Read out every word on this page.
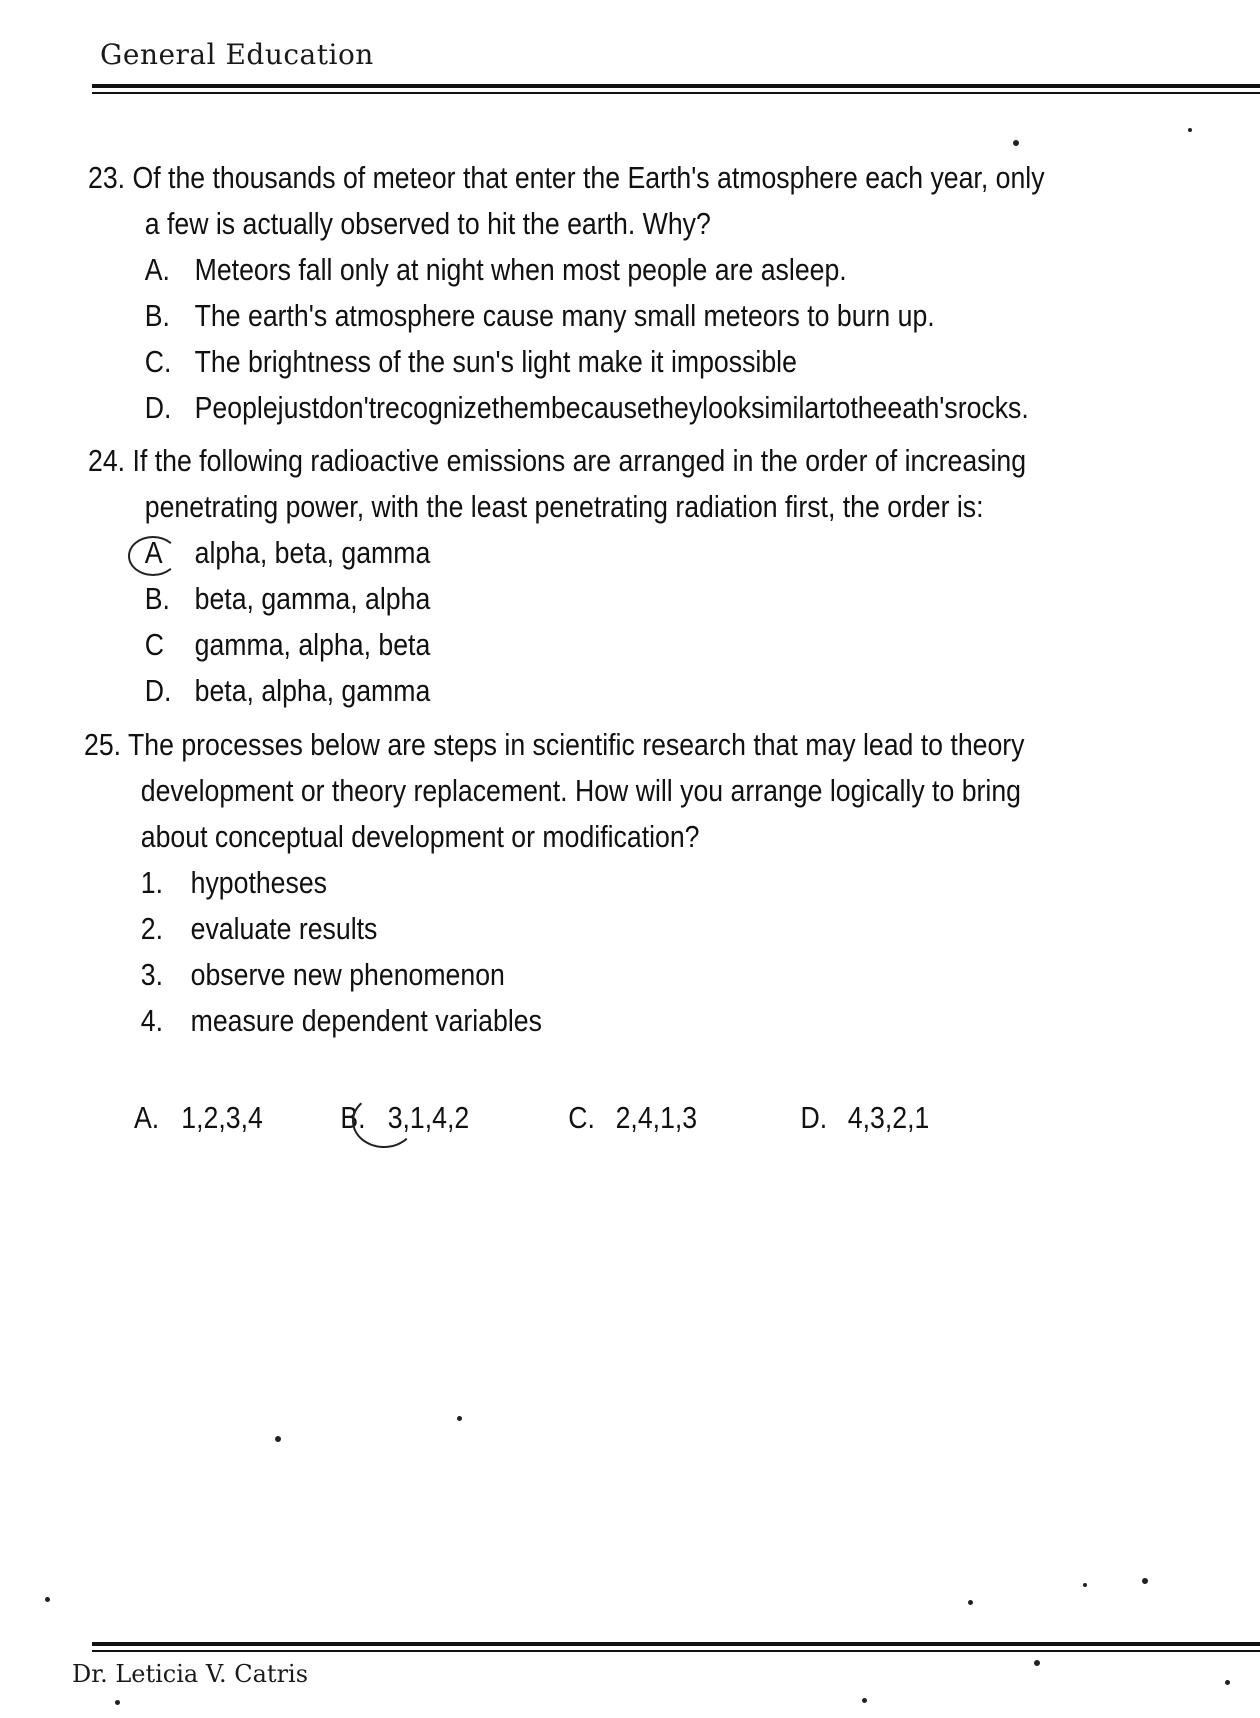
General Education
23. Of the thousands of meteor that enter the Earth's atmosphere each year, only
a few is actually observed to hit the earth. Why?
A. Meteors fall only at night when most people are asleep.
B. The earth's atmosphere cause many small meteors to burn up.
C. The brightness of the sun's light make it impossible
D. Peoplejustdon'trecognizethembecausetheylooksimilartotheeath'srocks.
24. If the following radioactive emissions are arranged in the order of increasing
penetrating power, with the least penetrating radiation first, the order is:
A alpha, beta, gamma
B. beta, gamma, alpha
C gamma, alpha, beta
D. beta, alpha, gamma
25. The processes below are steps in scientific research that may lead to theory
development or theory replacement. How will you arrange logically to bring
about conceptual development or modification?
1. hypotheses
2. evaluate results
3. observe new phenomenon
4. measure dependent variables
A. 1,2,3,4	B. 3,1,4,2	C. 2,4,1,3	D. 4,3,2,1
Dr. Leticia V. Catris
